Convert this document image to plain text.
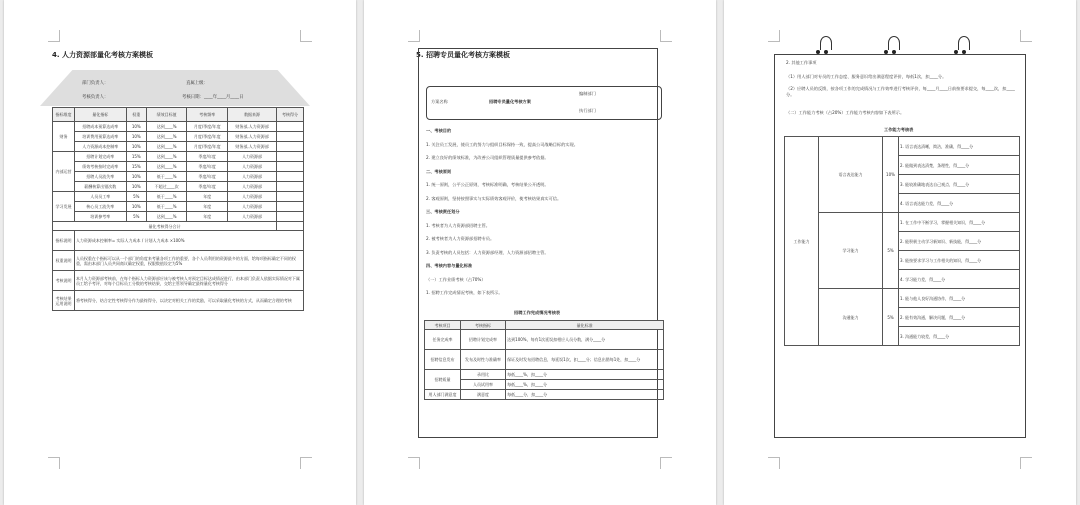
4. 人力资源部量化考核方案模板
部门负责人：	直属上级：
考核负责人：	考核日期：____年____月____日
指标维度	量化指标	权重	绩效目标值	考核频率	数据来源	考核得分
财务	招聘成本预算达成率	10%	达到____%	月度/季度/年度	财务部,人力资源部	
	培训费用预算达成率	10%	达到____%	月度/季度/年度	财务部,人力资源部	
	人力资源成本控制率	10%	达到____%	月度/季度/年度	财务部,人力资源部	
内部运营	招聘计划完成率	15%	达到____%	季度/年度	人力资源部	
	绩效考核按时完成率	15%	达到____%	季度/年度	人力资源部	
	招聘人员流失率	10%	低于____%	季度/年度	人力资源部	
	薪酬核算出错次数	10%	不超过____次	季度/年度	人力资源部	
学习发展	人员员工率	5%	低于____%	年度	人力资源部	
	核心员工流失率	10%	低于____%	年度	人力资源部	
	培训参考率	5%	达到____%	年度	人力资源部	
量化考核得分合计						
指标说明	人力资源成本控制率= 实际人力成本 / 计划人力成本 ×100%					
权重说明	人员权重在个指标可以从一个部门的角度来考量各项工作的重要，各个人员利用的资源最多的方面，给每项指标确定不同的权重，需由本部门人员共同商议确定权重，权限数值设定为5%					
考核说明	本月人力资源部考核前，在每个指标人力资源部应该与被考核人对预定目标达成情况进行，由本部门负责人依据实际情况对下属员工给予考评，对每个目标员工分数的考核结果，交给主管领导确定最终量化考核得分					
考核结果运用说明	将考核得分，结合定性考核得分作为最终得分，以决定对相关工作的奖励，可以采取量化考核的方式，从而确定合理的考核					
5. 招聘专员量化考核方案模板
方案名称	招聘专员量化考核方案
编制部门
执行部门
一、考核目的
1. 关注员工发展，使员工的努力与组织目标保持一致，提高公司战略目标的实现。
2. 建立良好的绩效标准，为改善公司组织管理质量提供参考依据。
二、考核原则
1. 统一原则，公平公正原则，考核标准明确，考核结果公开透明。
2. 客观原则，坚持按照事实与实际绩效客观评价，使考核结果真实可信。
三、考核责任划分
1. 考核者为人力资源部招聘主管。
2. 被考核者为人力资源部招聘专员。
3. 负责考核的人员包括：人力资源部经理、人力资源部招聘主管。
四、考核内容与量化标准
（一）工作业绩考核（占70%）
1. 招聘工作完成情况考核，如下表所示。
招聘工作完成情况考核表
考核项目	考核指标	量化标准
任务完成率	招聘计划完成率	达到100%，每有1次延误扣相应人员分数，满分____分
招聘信息发布	发布及时性与准确率	保证及时发布招聘信息，每延误1次，扣____分；信息出错每1处，扣____分
招聘质量	录用比	每低____%，扣____分
	人员试用率	每低____%，扣____分
用人部门满意度	满意度	每低____分，扣____分
2. 其他工作事项
（1）用人部门对专员的工作态度、服务意识给出满意程度评价，每低1次，扣____分。
（2）应聘人员的反馈，按各项工作的完成情况与工作效率进行考核评价，每____月____日前按要求提交，每____次，扣____分。
（二）工作能力考核（占20%）工作能力考核内容如下表所示。
工作能力考核表
工作能力	语言表达能力	10%	1. 语言表达清晰，简洁，准确，得____分
			2. 能做到表达清楚，条理性，得____分
			3. 能较准确地表达自己观点，得____分
			4. 语言表达能力差，得____分
	学习能力	5%	1. 在工作中不断学习，掌握相关知识，得____分
			2. 能积极主动学习新知识、新技能，得____分
			3. 能按要求学习与工作相关的知识，得____分
			4. 学习能力差，得____分
	沟通能力	5%	1. 能与他人良好沟通协作，得____分
			2. 能有效沟通，解决问题，得____分
			3. 沟通能力较差，得____分
